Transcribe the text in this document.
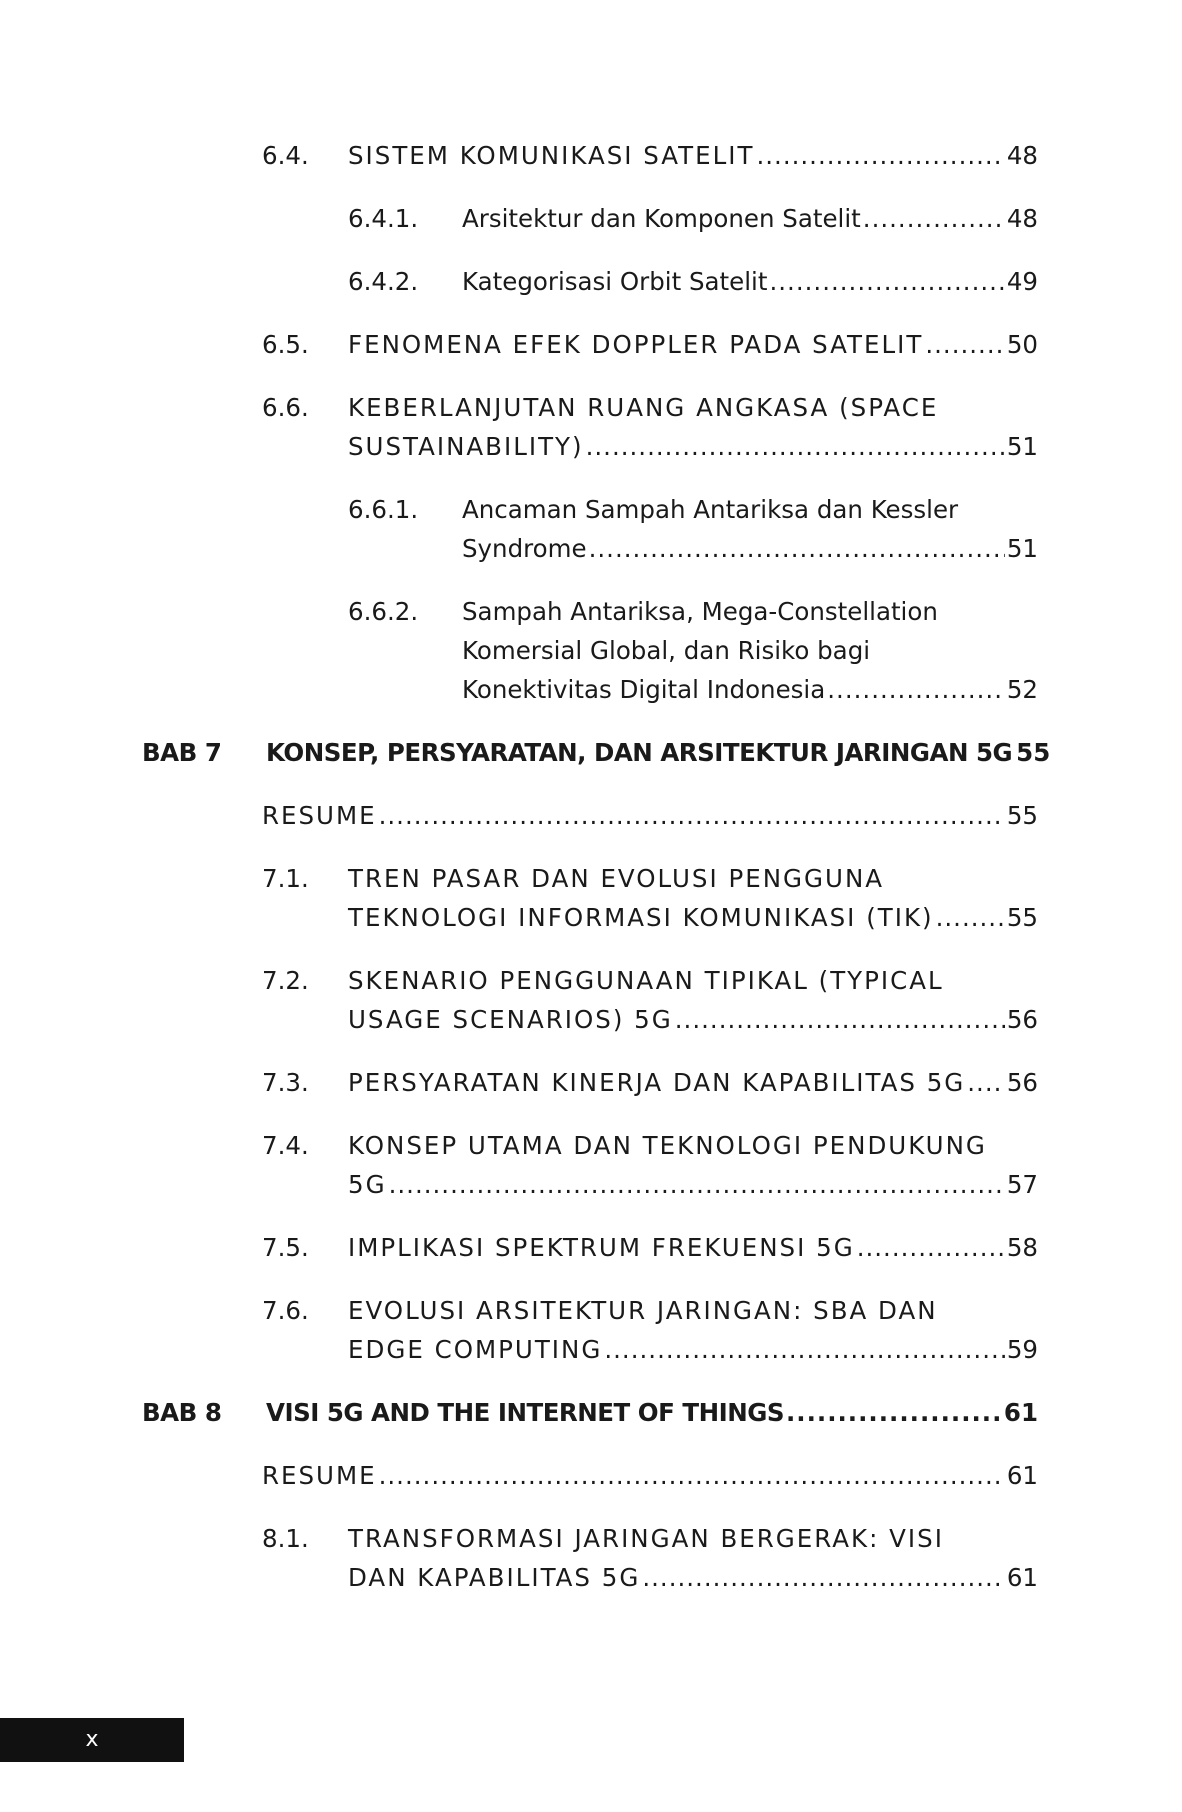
6.4. SISTEM KOMUNIKASI SATELIT .....	48
6.4.1. Arsitektur dan Komponen Satelit .....	48
6.4.2. Kategorisasi Orbit Satelit .....	49
6.5. FENOMENA EFEK DOPPLER PADA SATELIT .....	50
6.6. KEBERLANJUTAN RUANG ANGKASA (SPACE
SUSTAINABILITY) .....	51
6.6.1. Ancaman Sampah Antariksa dan Kessler
Syndrome .....	51
6.6.2. Sampah Antariksa, Mega-Constellation
Komersial Global, dan Risiko bagi
Konektivitas Digital Indonesia .....	52
BAB 7 KONSEP, PERSYARATAN, DAN ARSITEKTUR JARINGAN 5G 55
RESUME .....	55
7.1. TREN PASAR DAN EVOLUSI PENGGUNA
TEKNOLOGI INFORMASI KOMUNIKASI (TIK) .....	55
7.2. SKENARIO PENGGUNAAN TIPIKAL (TYPICAL
USAGE SCENARIOS) 5G .....	56
7.3. PERSYARATAN KINERJA DAN KAPABILITAS 5G ..... 56
7.4. KONSEP UTAMA DAN TEKNOLOGI PENDUKUNG
5G .....	57
7.5. IMPLIKASI SPEKTRUM FREKUENSI 5G .....	58
7.6. EVOLUSI ARSITEKTUR JARINGAN: SBA DAN
EDGE COMPUTING .....	59
BAB 8 VISI 5G AND THE INTERNET OF THINGS .....	61
RESUME .....	61
8.1. TRANSFORMASI JARINGAN BERGERAK: VISI
DAN KAPABILITAS 5G .....	61
x
